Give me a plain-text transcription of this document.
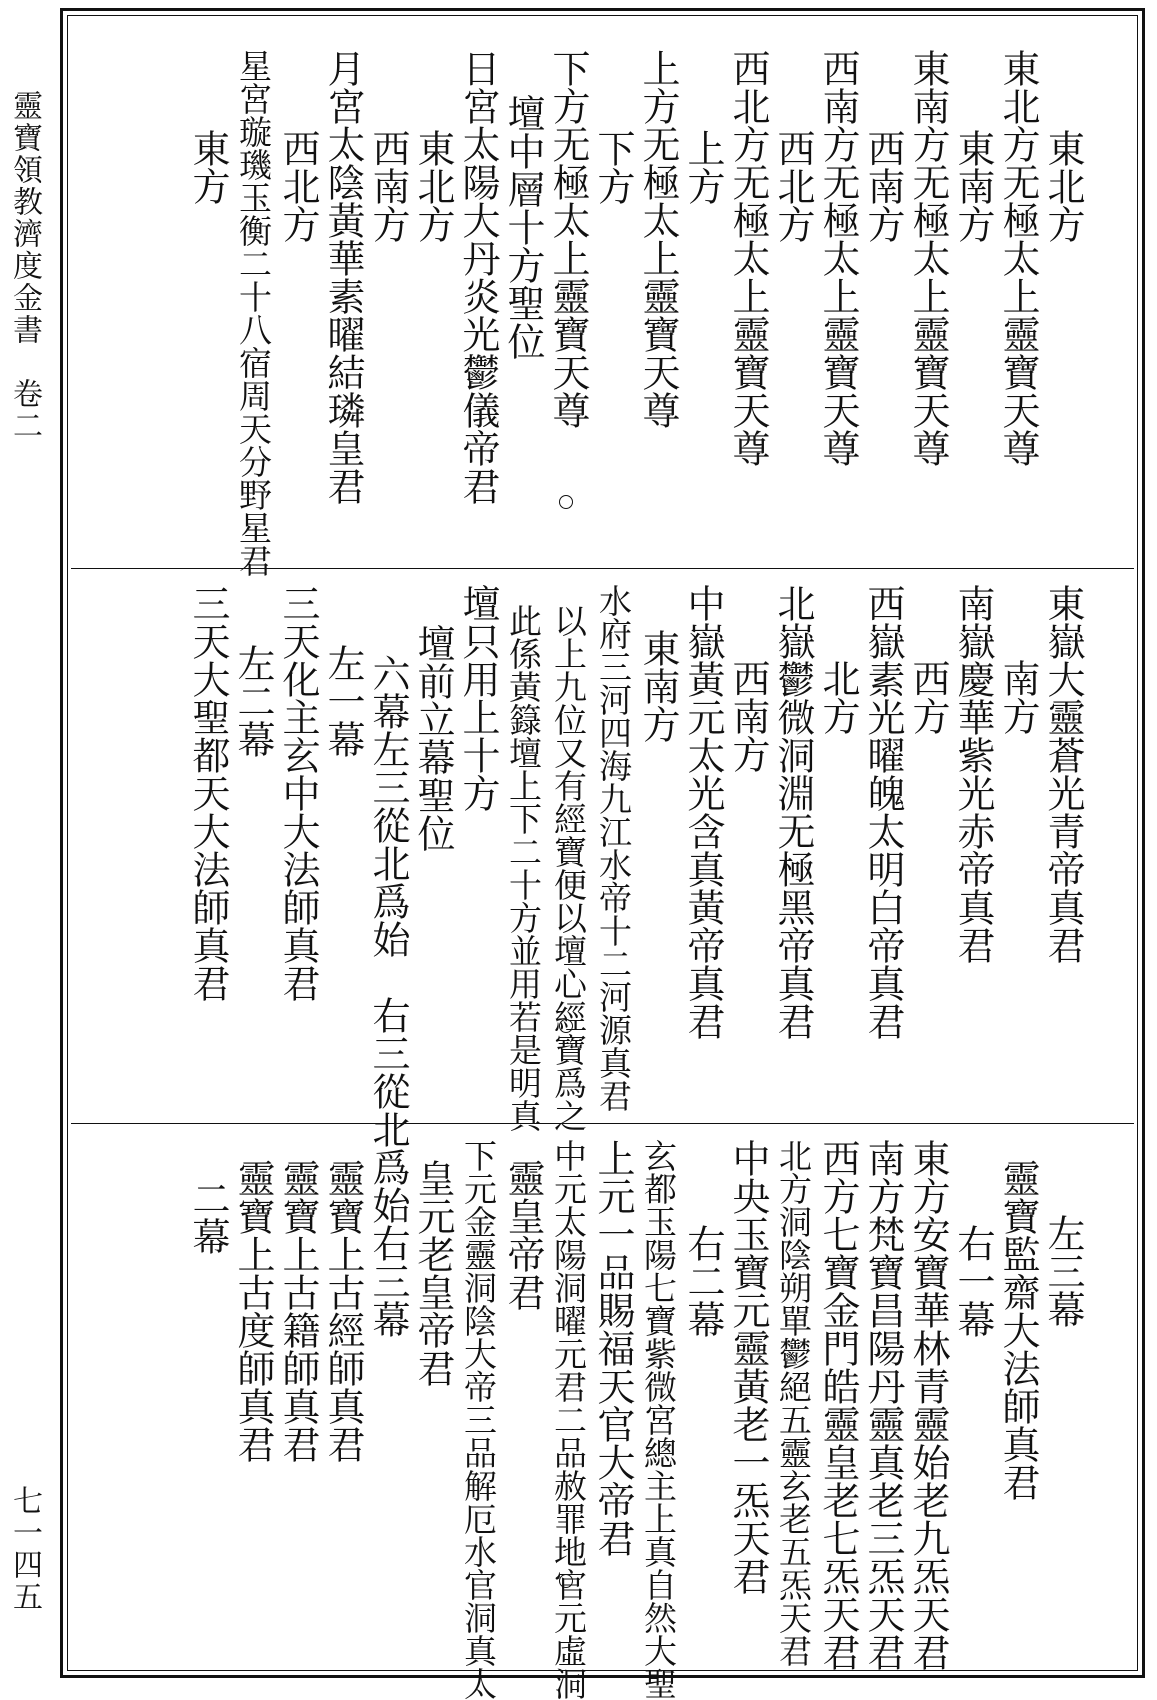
靈寶領教濟度金書　卷二
七一四五
東北方
東北方无極太上靈寶天尊
東南方
東南方无極太上靈寶天尊
西南方
西南方无極太上靈寶天尊
西北方
西北方无極太上靈寶天尊
上方
上方无極太上靈寶天尊
下方
下方无極太上靈寶天尊
壇中層十方聖位
日宮太陽大丹炎光鬱儀帝君
東北方
西南方
月宮太陰黃華素曜結璘皇君
西北方
星宮璇璣玉衡二十八宿周天分野星君
東方
東嶽大靈蒼光青帝真君
南方
南嶽慶華紫光赤帝真君
西方
西嶽素光曜魄太明白帝真君
北方
北嶽鬱微洞淵无極黑帝真君
西南方
中嶽黃元太光含真黃帝真君
東南方
水府三河四海九江水帝十二河源真君
以上九位又有經寶便以壇心經寶爲之
此係黃籙壇上下二十方並用若是明真
壇只用上十方
壇前立幕聖位
六幕左三從北爲始　右三從北爲始
左一幕
三天化主玄中大法師真君
左二幕
三天大聖都天大法師真君
左三幕
靈寶監齋大法師真君
右一幕
東方安寶華林青靈始老九炁天君
南方梵寶昌陽丹靈真老三炁天君
西方七寶金門皓靈皇老七炁天君
北方洞陰朔單鬱絕五靈玄老五炁天君
中央玉寶元靈黃老一炁天君
右二幕
玄都玉陽七寶紫微宮總主上真自然大聖
上元一品賜福天官大帝君
中元太陽洞曜元君二品赦罪地官元虛洞
靈皇帝君
下元金靈洞陰大帝三品解厄水官洞真太
皇元老皇帝君
右三幕
靈寶上古經師真君
靈寶上古籍師真君
靈寶上古度師真君
二幕
